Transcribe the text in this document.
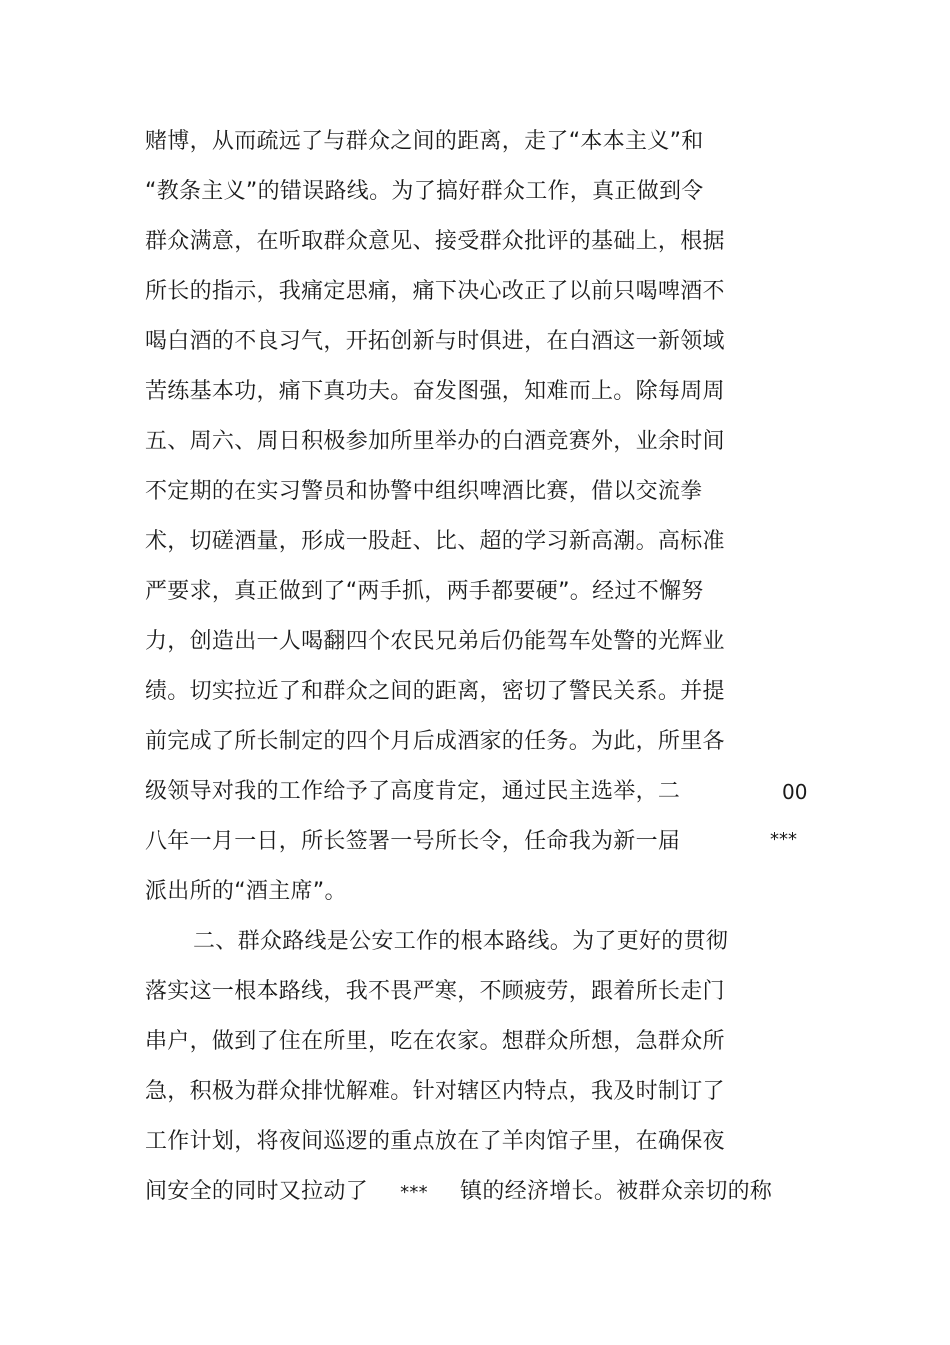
赌博，从而疏远了与群众之间的距离，走了“本本主义”和
“教条主义”的错误路线。为了搞好群众工作，真正做到令
群众满意，在听取群众意见、接受群众批评的基础上，根据
所长的指示，我痛定思痛，痛下决心改正了以前只喝啤酒不
喝白酒的不良习气，开拓创新与时俱进，在白酒这一新领域
苦练基本功，痛下真功夫。奋发图强，知难而上。除每周周
五、周六、周日积极参加所里举办的白酒竞赛外，业余时间
不定期的在实习警员和协警中组织啤酒比赛，借以交流拳
术，切磋酒量，形成一股赶、比、超的学习新高潮。高标准
严要求，真正做到了“两手抓，两手都要硬”。经过不懈努
力，创造出一人喝翻四个农民兄弟后仍能驾车处警的光辉业
绩。切实拉近了和群众之间的距离，密切了警民关系。并提
前完成了所长制定的四个月后成酒家的任务。为此，所里各
级领导对我的工作给予了高度肯定，通过民主选举，二	00
八年一月一日，所长签署一号所长令，任命我为新一届	***
派出所的“酒主席”。
二、群众路线是公安工作的根本路线。为了更好的贯彻
落实这一根本路线，我不畏严寒，不顾疲劳，跟着所长走门
串户，做到了住在所里，吃在农家。想群众所想，急群众所
急，积极为群众排忧解难。针对辖区内特点，我及时制订了
工作计划，将夜间巡逻的重点放在了羊肉馆子里，在确保夜
间安全的同时又拉动了 *** 镇的经济增长。被群众亲切的称
